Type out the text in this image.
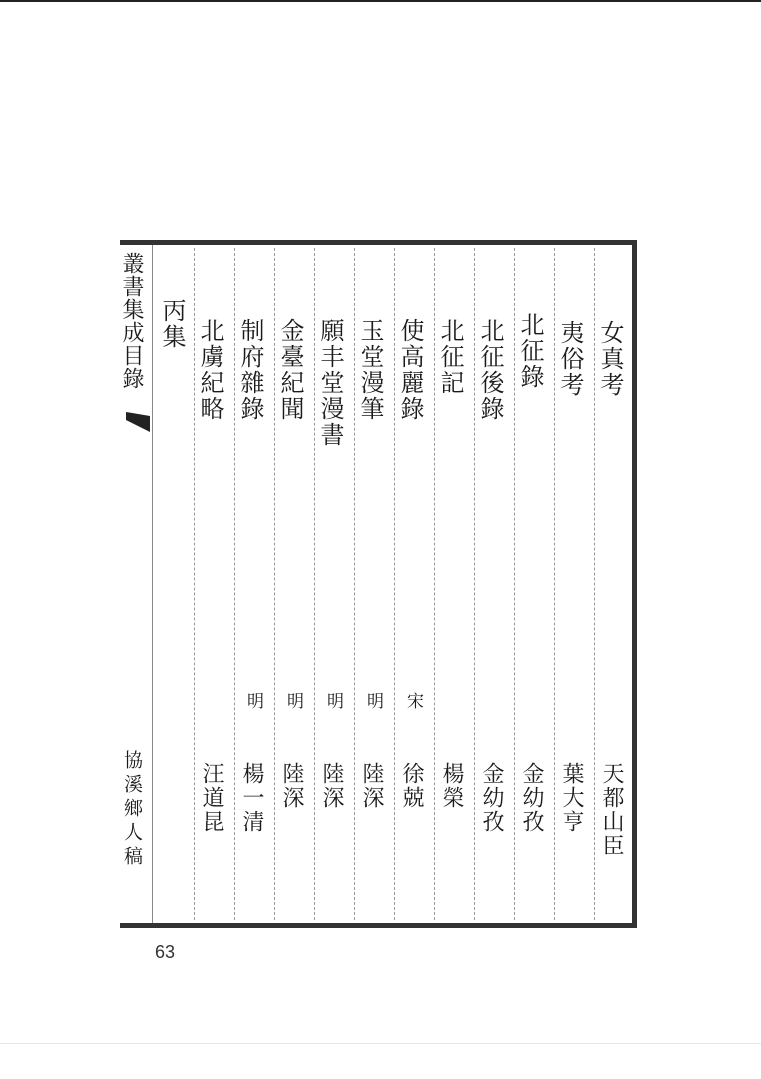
叢書集成目錄
協溪鄉人稿
女真考
天都山臣
夷俗考
葉大亨
北征錄
金幼孜
北征後錄
金幼孜
北征記
楊榮
使高麗錄
宋
徐兢
玉堂漫筆
明
陸深
願丰堂漫書
明
陸深
金臺紀聞
明
陸深
制府雜錄
明
楊一清
北虜紀略
汪道昆
丙集
63
